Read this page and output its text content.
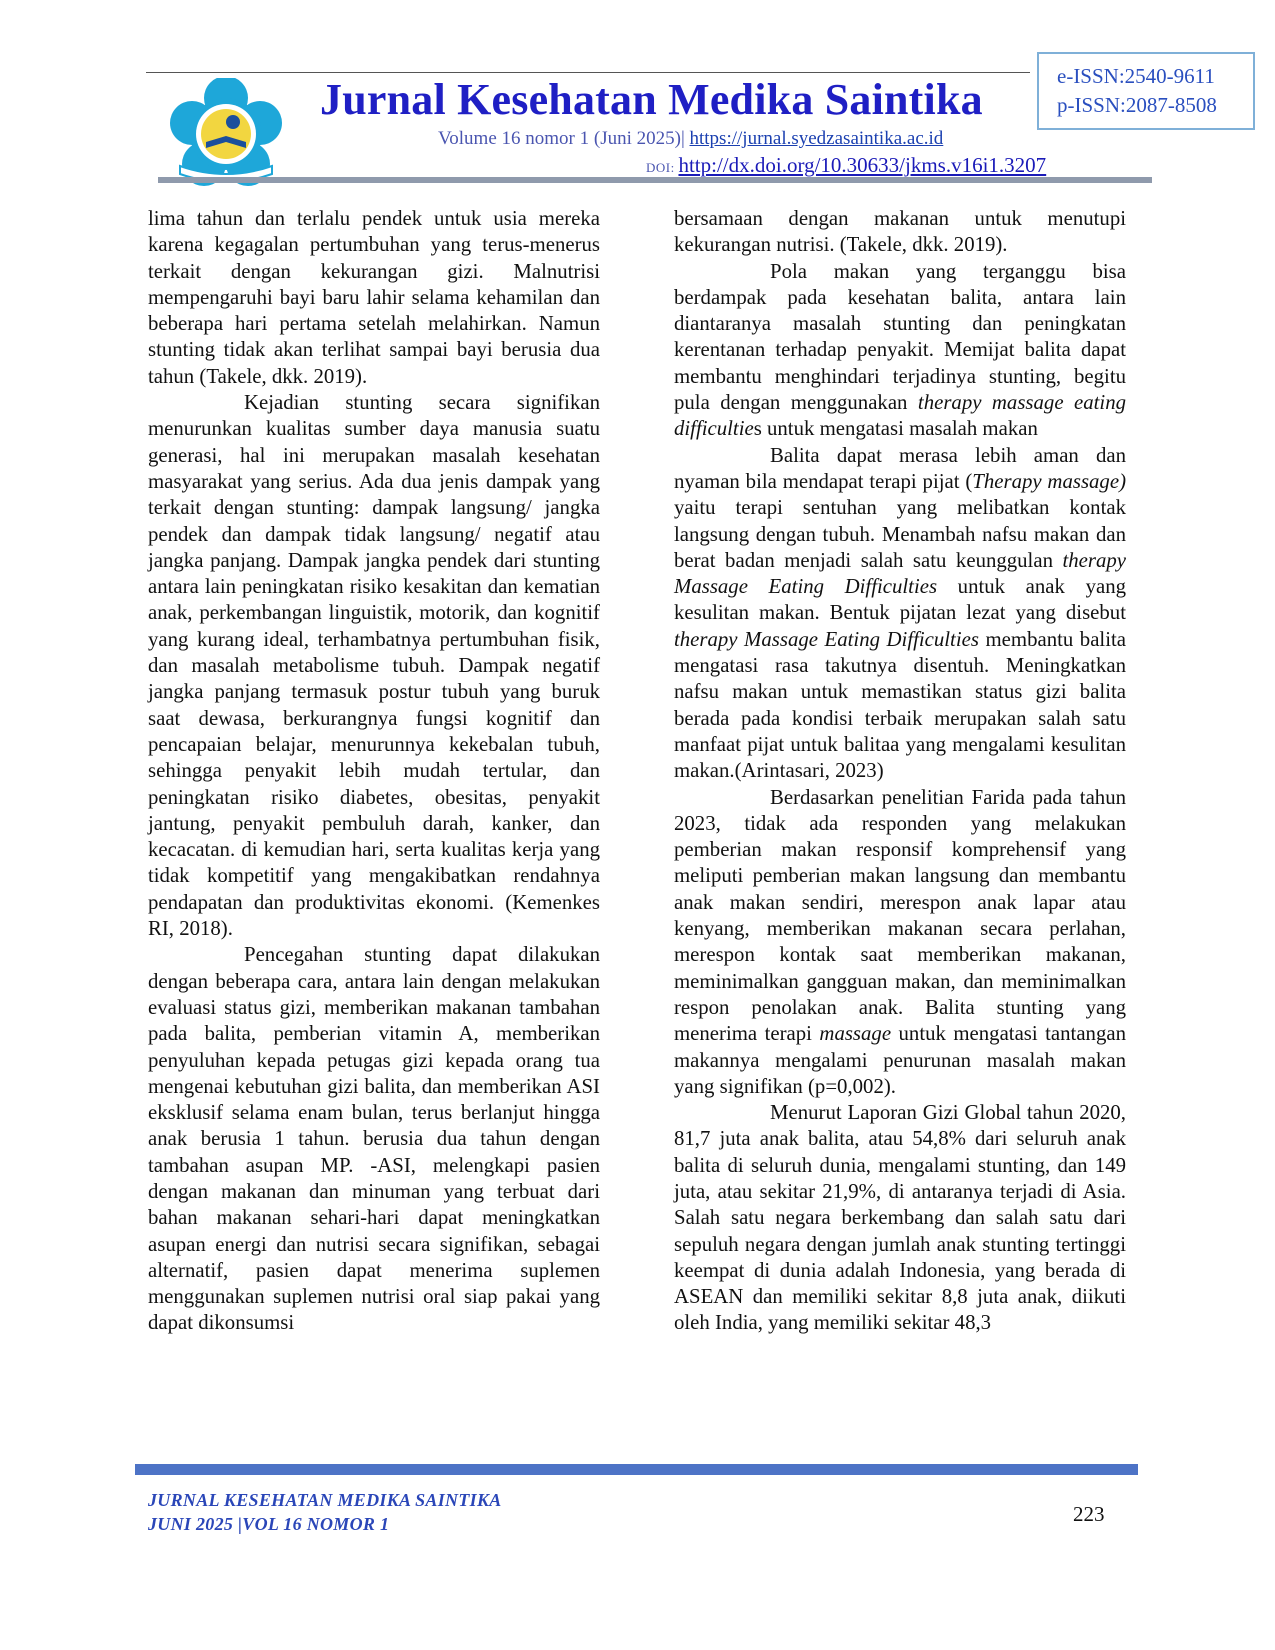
Jurnal Kesehatan Medika Saintika	e-ISSN:2540-9611
p-ISSN:2087-8508
Volume 16 nomor 1 (Juni 2025)| https://jurnal.syedzasaintika.ac.id
DOI: http://dx.doi.org/10.30633/jkms.v16i1.3207

lima tahun dan terlalu pendek untuk usia mereka karena kegagalan pertumbuhan yang terus-menerus terkait dengan kekurangan gizi. Malnutrisi mempengaruhi bayi baru lahir selama kehamilan dan beberapa hari pertama setelah melahirkan. Namun stunting tidak akan terlihat sampai bayi berusia dua tahun (Takele, dkk. 2019).

Kejadian stunting secara signifikan menurunkan kualitas sumber daya manusia suatu generasi, hal ini merupakan masalah kesehatan masyarakat yang serius. Ada dua jenis dampak yang terkait dengan stunting: dampak langsung/ jangka pendek dan dampak tidak langsung/ negatif atau jangka panjang. Dampak jangka pendek dari stunting antara lain peningkatan risiko kesakitan dan kematian anak, perkembangan linguistik, motorik, dan kognitif yang kurang ideal, terhambatnya pertumbuhan fisik, dan masalah metabolisme tubuh. Dampak negatif jangka panjang termasuk postur tubuh yang buruk saat dewasa, berkurangnya fungsi kognitif dan pencapaian belajar, menurunnya kekebalan tubuh, sehingga penyakit lebih mudah tertular, dan peningkatan risiko diabetes, obesitas, penyakit jantung, penyakit pembuluh darah, kanker, dan kecacatan. di kemudian hari, serta kualitas kerja yang tidak kompetitif yang mengakibatkan rendahnya pendapatan dan produktivitas ekonomi. (Kemenkes RI, 2018).

Pencegahan stunting dapat dilakukan dengan beberapa cara, antara lain dengan melakukan evaluasi status gizi, memberikan makanan tambahan pada balita, pemberian vitamin A, memberikan penyuluhan kepada petugas gizi kepada orang tua mengenai kebutuhan gizi balita, dan memberikan ASI eksklusif selama enam bulan, terus berlanjut hingga anak berusia 1 tahun. berusia dua tahun dengan tambahan asupan MP. -ASI, melengkapi pasien dengan makanan dan minuman yang terbuat dari bahan makanan sehari-hari dapat meningkatkan asupan energi dan nutrisi secara signifikan, sebagai alternatif, pasien dapat menerima suplemen menggunakan suplemen nutrisi oral siap pakai yang dapat dikonsumsi

bersamaan dengan makanan untuk menutupi kekurangan nutrisi. (Takele, dkk. 2019).

Pola makan yang terganggu bisa berdampak pada kesehatan balita, antara lain diantaranya masalah stunting dan peningkatan kerentanan terhadap penyakit. Memijat balita dapat membantu menghindari terjadinya stunting, begitu pula dengan menggunakan therapy massage eating difficulties untuk mengatasi masalah makan

Balita dapat merasa lebih aman dan nyaman bila mendapat terapi pijat (Therapy massage) yaitu terapi sentuhan yang melibatkan kontak langsung dengan tubuh. Menambah nafsu makan dan berat badan menjadi salah satu keunggulan therapy Massage Eating Difficulties untuk anak yang kesulitan makan. Bentuk pijatan lezat yang disebut therapy Massage Eating Difficulties membantu balita mengatasi rasa takutnya disentuh. Meningkatkan nafsu makan untuk memastikan status gizi balita berada pada kondisi terbaik merupakan salah satu manfaat pijat untuk balitaa yang mengalami kesulitan makan.(Arintasari, 2023)

Berdasarkan penelitian Farida pada tahun 2023, tidak ada responden yang melakukan pemberian makan responsif komprehensif yang meliputi pemberian makan langsung dan membantu anak makan sendiri, merespon anak lapar atau kenyang, memberikan makanan secara perlahan, merespon kontak saat memberikan makanan, meminimalkan gangguan makan, dan meminimalkan respon penolakan anak. Balita stunting yang menerima terapi massage untuk mengatasi tantangan makannya mengalami penurunan masalah makan yang signifikan (p=0,002).

Menurut Laporan Gizi Global tahun 2020, 81,7 juta anak balita, atau 54,8% dari seluruh anak balita di seluruh dunia, mengalami stunting, dan 149 juta, atau sekitar 21,9%, di antaranya terjadi di Asia. Salah satu negara berkembang dan salah satu dari sepuluh negara dengan jumlah anak stunting tertinggi keempat di dunia adalah Indonesia, yang berada di ASEAN dan memiliki sekitar 8,8 juta anak, diikuti oleh India, yang memiliki sekitar 48,3

JURNAL KESEHATAN MEDIKA SAINTIKA
JUNI 2025 |VOL 16 NOMOR 1	223
